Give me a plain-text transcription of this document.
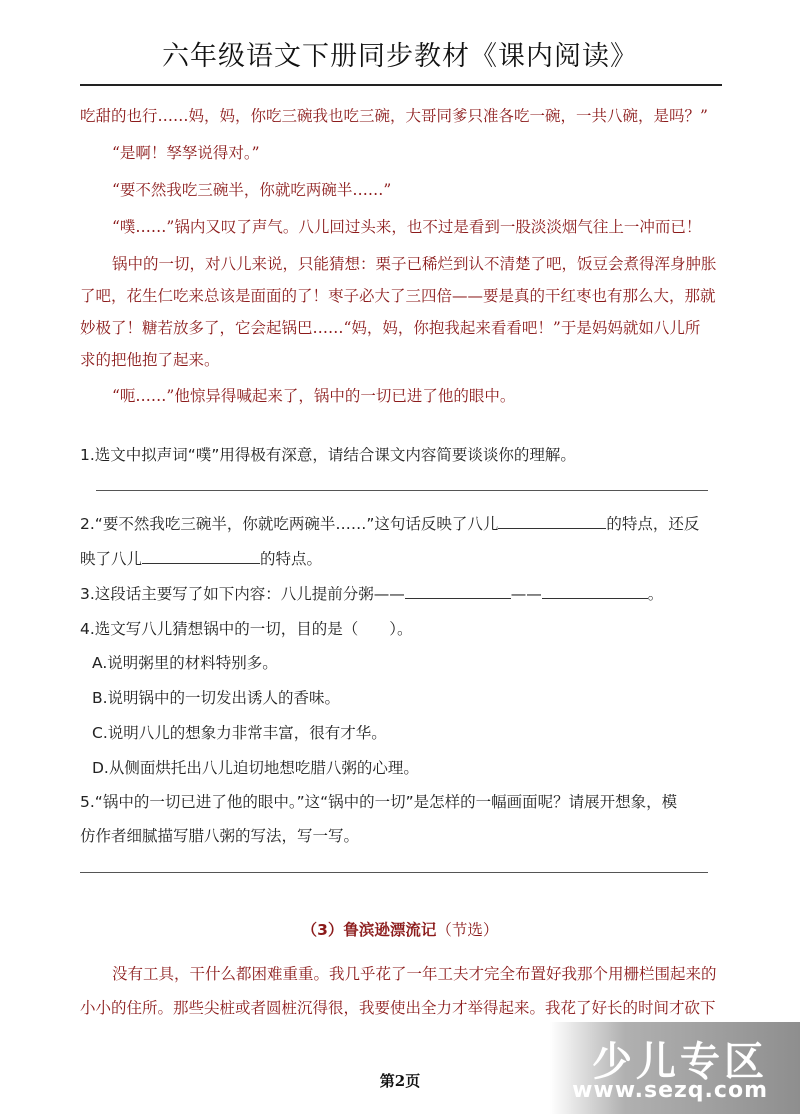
六年级语文下册同步教材《课内阅读》

吃甜的也行……妈，妈，你吃三碗我也吃三碗，大哥同爹只准各吃一碗，一共八碗，是吗？”

“是啊！孥孥说得对。”

“要不然我吃三碗半，你就吃两碗半……”

“噗……”锅内又叹了声气。八儿回过头来，也不过是看到一股淡淡烟气往上一冲而已！

锅中的一切，对八儿来说，只能猜想：栗子已稀烂到认不清楚了吧，饭豆会煮得浑身肿胀

了吧，花生仁吃来总该是面面的了！枣子必大了三四倍——要是真的干红枣也有那么大，那就

妙极了！糖若放多了，它会起锅巴……“妈，妈，你抱我起来看看吧！”于是妈妈就如八儿所

求的把他抱了起来。

“呃……”他惊异得喊起来了，锅中的一切已进了他的眼中。

1.选文中拟声词“噗”用得极有深意，请结合课文内容简要谈谈你的理解。
2.“要不然我吃三碗半，你就吃两碗半……”这句话反映了八儿	的特点，还反
映了八儿	的特点。
3.这段话主要写了如下内容：八儿提前分粥——	——	。
4.选文写八儿猜想锅中的一切，目的是（　　）。
A.说明粥里的材料特别多。
B.说明锅中的一切发出诱人的香味。
C.说明八儿的想象力非常丰富，很有才华。
D.从侧面烘托出八儿迫切地想吃腊八粥的心理。
5.“锅中的一切已进了他的眼中。”这“锅中的一切”是怎样的一幅画面呢？请展开想象，模
仿作者细腻描写腊八粥的写法，写一写。
（3）鲁滨逊漂流记（节选）

没有工具，干什么都困难重重。我几乎花了一年工夫才完全布置好我那个用栅栏围起来的

小小的住所。那些尖桩或者圆桩沉得很，我要使出全力才举得起来。我花了好长的时间才砍下

第2页	少儿专区
www.sezq.com
